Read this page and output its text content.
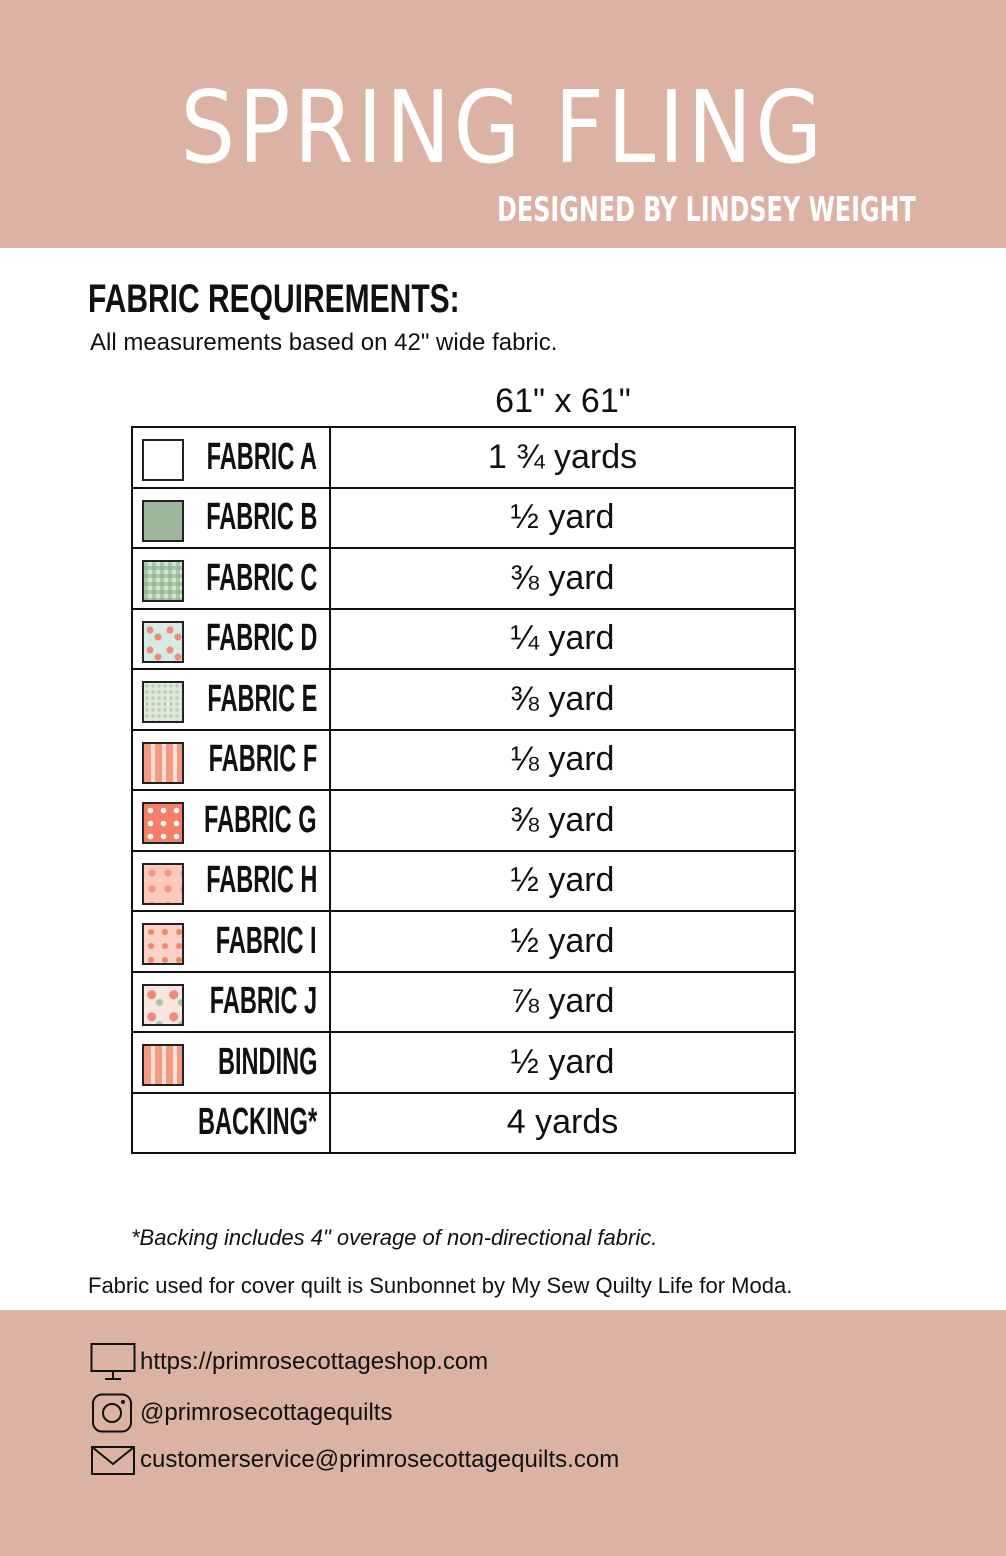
SPRING FLING
DESIGNED BY LINDSEY WEIGHT
FABRIC REQUIREMENTS:
All measurements based on 42" wide fabric.
61" x 61"
FABRIC A	1 ¾ yards

FABRIC B	½ yard

FABRIC C	⅜ yard

FABRIC D	¼ yard

FABRIC E	⅜ yard

FABRIC F	⅛ yard

FABRIC G	⅜ yard

FABRIC H	½ yard

FABRIC I	½ yard

FABRIC J	⅞ yard

BINDING	½ yard

BACKING*	4 yards
*Backing includes 4" overage of non-directional fabric.
Fabric used for cover quilt is Sunbonnet by My Sew Quilty Life for Moda.
https://primrosecottageshop.com
@primrosecottagequilts
customerservice@primrosecottagequilts.com
